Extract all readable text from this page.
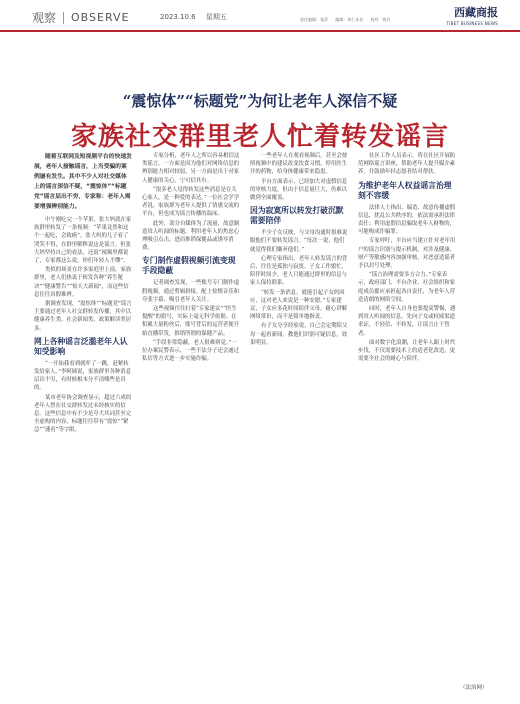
观察 OBSERVE	2023.10.6 星期五	责任编辑：张萍 编辑：邓仁本友 校对：陈丹
西藏商报
TIBET BUSINESS NEWS
“震惊体”“标题党”为何让老年人深信不疑
家族社交群里老人忙着转发谣言

随着互联网及短视频平台的快速发展，老年人接触谣言，上当受骗的案例屡有发生。其中不少人对社交媒体上的谣言深信不疑，“震惊体”“标题党”谣言层出不穷，专家称：老年人需要增强辨别能力。

中午刚吃完一个苹果，张大妈就在家族群里转发了一条视频：“苹果竟然和这个一起吃，会致癌”。张大妈的儿子看了哭笑不得，在群里解释说这是谣言。但张大妈坚持自己的看法，还说“视频里都说了，专家都这么说，你们年轻人不懂”。

类似的场景在许多家庭里上演。家族群里，老人们热衷于转发各种“养生秘诀”“健康警告”“惊天大新闻”，而这些信息往往真假难辨。

据调查发现，“震惊体”“标题党”谣言主要通过老年人社交群转发传播，其中以健康养生类、社会新闻类、政策解读类居多。

网上各种谣言泛滥老年人认知受影响

“一开始我看到就吓了一跳，赶紧转发给家人。”李阿姨说，家族群里各种消息层出不穷，有时候根本分不清哪些是真的。

某市老年协会调查显示，超过六成的老年人曾在社交群转发过未经核实的信息。这些信息中有不少是夸大其词甚至完全虚构的内容，标题往往带有“震惊”“紧急”“速看”等字眼。

专家分析，老年人之所以容易相信这类谣言，一方面是因为他们对网络信息的辨别能力相对较弱，另一方面是出于对家人健康的关心，宁可信其有。

“很多老人觉得转发这些消息是在关心家人，是一种爱的表达。”一位社会学学者说，家族群为老年人提供了情感交流的平台，但也成为谣言传播的温床。

此外，部分自媒体为了流量，故意制造耸人听闻的标题，利用老年人的焦虑心理吸引点击，进而推销保健品或诱导消费。

专门制作虚假视频引流变现手段隐蔽

记者调查发现，一些账号专门制作虚假视频，通过剪辑拼接、配上惊悚音乐和夸张字幕，吸引老年人关注。

这些视频往往打着“专家建议”“医生提醒”的旗号，实际上毫无科学依据。在积累大量粉丝后，账号背后的运营者便开始直播带货，推销所谓的保健产品。

“手段非常隐蔽，老人很难察觉。”一位办案民警表示，一些不法分子还会通过私信等方式进一步实施诈骗。

一些老年人在观看视频后，甚至会按照视频中的建议改变饮食习惯，停用医生开的药物，给身体健康带来隐患。

平台方面表示，已经加大对虚假信息的审核力度，但由于信息量巨大，仍难以做到全面覆盖。

因为寂寞所以转发打破沉默需要陪伴

不少子女反映，与父母沟通时很难说服他们不要转发谣言。“每次一说，他们就觉得我们嫌弃他们。”

心理专家指出，老年人转发谣言的背后，往往是孤独与寂寞。子女工作繁忙，陪伴时间少，老人只能通过群里的信息与家人保持联系。

“转发一条消息，就能引起子女的回应，这对老人来说是一种安慰。”专家建议，子女应多花时间陪伴父母，耐心讲解网络常识，而不是简单地指责。

有子女分享经验说，自己会定期陪父母一起看新闻，教他们识别可疑信息，效果明显。

社区工作人员表示，将在社区开展防范网络谣言讲座，帮助老年人提升媒介素养，并鼓励年轻志愿者结对帮扶。

为维护老年人权益谣言治理刻不容缓

法律人士指出，编造、故意传播虚假信息，扰乱公共秩序的，依法需承担法律责任；利用虚假信息骗取老年人财物的，可能构成诈骗罪。

专家呼吁，平台应当建立针对老年用户的谣言识别与提示机制，对涉及健康、财产等敏感内容加强审核，对恶意造谣者予以封号处理。

“谣言治理需要多方合力。”专家表示，政府部门、平台企业、社会组织和家庭成员都应承担起各自责任，为老年人营造清朗的网络空间。

同时，老年人自身也要提高警惕，遇到耸人听闻的信息，先向子女或权威渠道求证，不轻信、不转发，让谣言止于智者。

面对数字化浪潮，让老年人跟上时代步伐，不仅需要技术上的适老化改造，更需要全社会的耐心与陪伴。

（法治网）
